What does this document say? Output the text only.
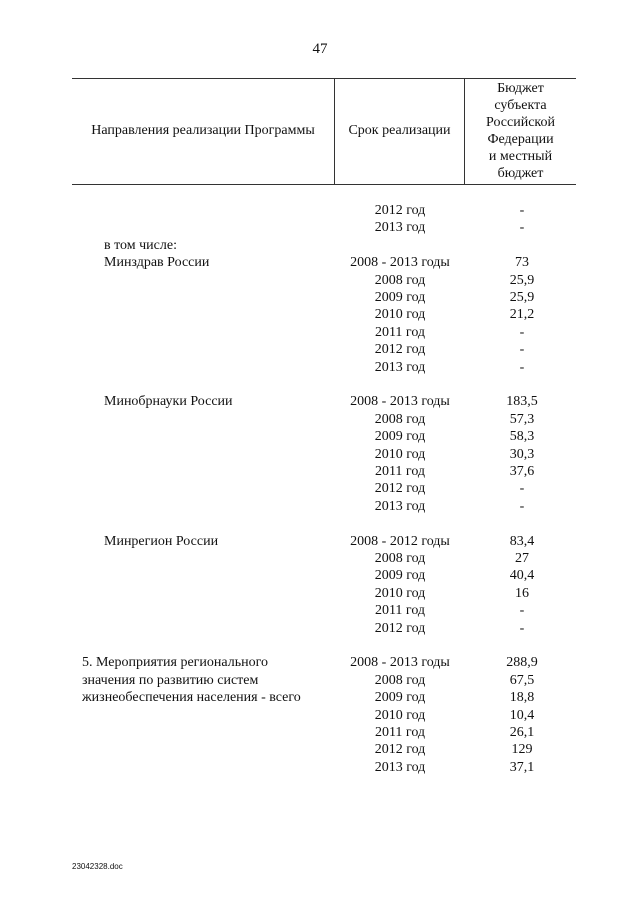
47
Направления реализации Программы	Срок реализации
Бюджет
субъекта
Российской
Федерации
и местный
бюджет
2012 год	-
2013 год	-
в том числе:
Минздрав России	2008 - 2013 годы	73
2008 год	25,9
2009 год	25,9
2010 год	21,2
2011 год	-
2012 год	-
2013 год	-
Минобрнауки России	2008 - 2013 годы	183,5
2008 год	57,3
2009 год	58,3
2010 год	30,3
2011 год	37,6
2012 год	-
2013 год	-
Минрегион России	2008 - 2012 годы	83,4
2008 год	27
2009 год	40,4
2010 год	16
2011 год	-
2012 год	-
5. Мероприятия регионального	2008 - 2013 годы	288,9
значения по развитию систем	2008 год	67,5
жизнеобеспечения населения - всего	2009 год	18,8
2010 год	10,4
2011 год	26,1
2012 год	129
2013 год	37,1
23042328.doc
